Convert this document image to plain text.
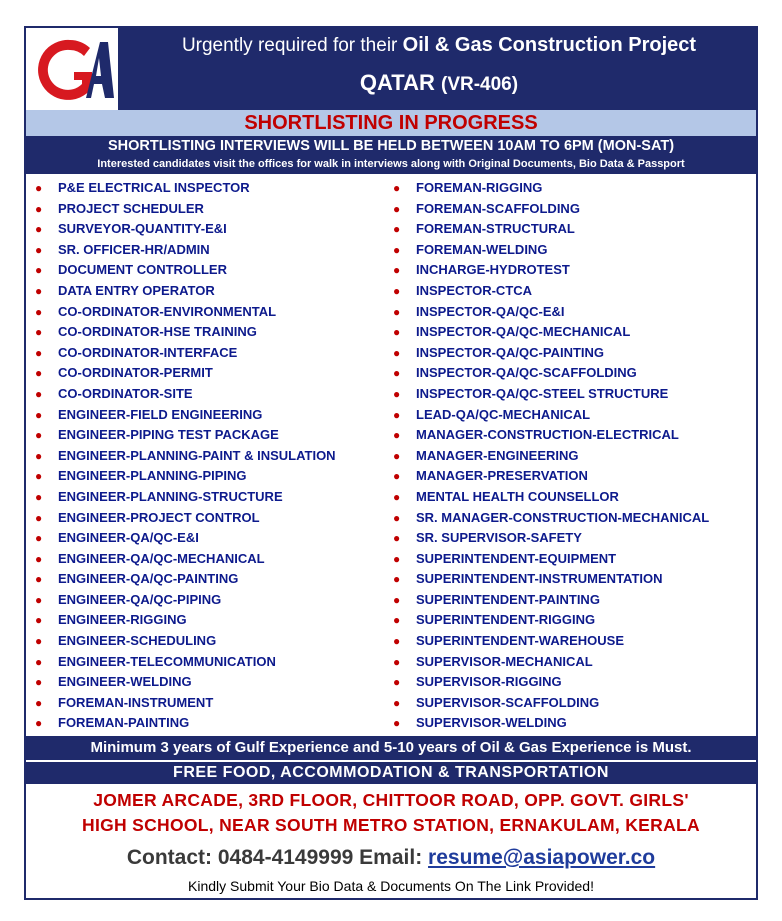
Urgently required for their Oil & Gas Construction Project
QATAR (VR-406)
SHORTLISTING IN PROGRESS
SHORTLISTING INTERVIEWS WILL BE HELD BETWEEN 10AM TO 6PM (MON-SAT)
Interested candidates visit the offices for walk in interviews along with Original Documents, Bio Data & Passport
● P&E ELECTRICAL INSPECTOR
● PROJECT SCHEDULER
● SURVEYOR-QUANTITY-E&I
● SR. OFFICER-HR/ADMIN
● DOCUMENT CONTROLLER
● DATA ENTRY OPERATOR
● CO-ORDINATOR-ENVIRONMENTAL
● CO-ORDINATOR-HSE TRAINING
● CO-ORDINATOR-INTERFACE
● CO-ORDINATOR-PERMIT
● CO-ORDINATOR-SITE
● ENGINEER-FIELD ENGINEERING
● ENGINEER-PIPING TEST PACKAGE
● ENGINEER-PLANNING-PAINT & INSULATION
● ENGINEER-PLANNING-PIPING
● ENGINEER-PLANNING-STRUCTURE
● ENGINEER-PROJECT CONTROL
● ENGINEER-QA/QC-E&I
● ENGINEER-QA/QC-MECHANICAL
● ENGINEER-QA/QC-PAINTING
● ENGINEER-QA/QC-PIPING
● ENGINEER-RIGGING
● ENGINEER-SCHEDULING
● ENGINEER-TELECOMMUNICATION
● ENGINEER-WELDING
● FOREMAN-INSTRUMENT
● FOREMAN-PAINTING
● FOREMAN-RIGGING
● FOREMAN-SCAFFOLDING
● FOREMAN-STRUCTURAL
● FOREMAN-WELDING
● INCHARGE-HYDROTEST
● INSPECTOR-CTCA
● INSPECTOR-QA/QC-E&I
● INSPECTOR-QA/QC-MECHANICAL
● INSPECTOR-QA/QC-PAINTING
● INSPECTOR-QA/QC-SCAFFOLDING
● INSPECTOR-QA/QC-STEEL STRUCTURE
● LEAD-QA/QC-MECHANICAL
● MANAGER-CONSTRUCTION-ELECTRICAL
● MANAGER-ENGINEERING
● MANAGER-PRESERVATION
● MENTAL HEALTH COUNSELLOR
● SR. MANAGER-CONSTRUCTION-MECHANICAL
● SR. SUPERVISOR-SAFETY
● SUPERINTENDENT-EQUIPMENT
● SUPERINTENDENT-INSTRUMENTATION
● SUPERINTENDENT-PAINTING
● SUPERINTENDENT-RIGGING
● SUPERINTENDENT-WAREHOUSE
● SUPERVISOR-MECHANICAL
● SUPERVISOR-RIGGING
● SUPERVISOR-SCAFFOLDING
● SUPERVISOR-WELDING
Minimum 3 years of Gulf Experience and 5-10 years of Oil & Gas Experience is Must.
FREE FOOD, ACCOMMODATION & TRANSPORTATION
JOMER ARCADE, 3RD FLOOR, CHITTOOR ROAD, OPP. GOVT. GIRLS'
HIGH SCHOOL, NEAR SOUTH METRO STATION, ERNAKULAM, KERALA
Contact: 0484-4149999 Email: resume@asiapower.co
Kindly Submit Your Bio Data & Documents On The Link Provided!
